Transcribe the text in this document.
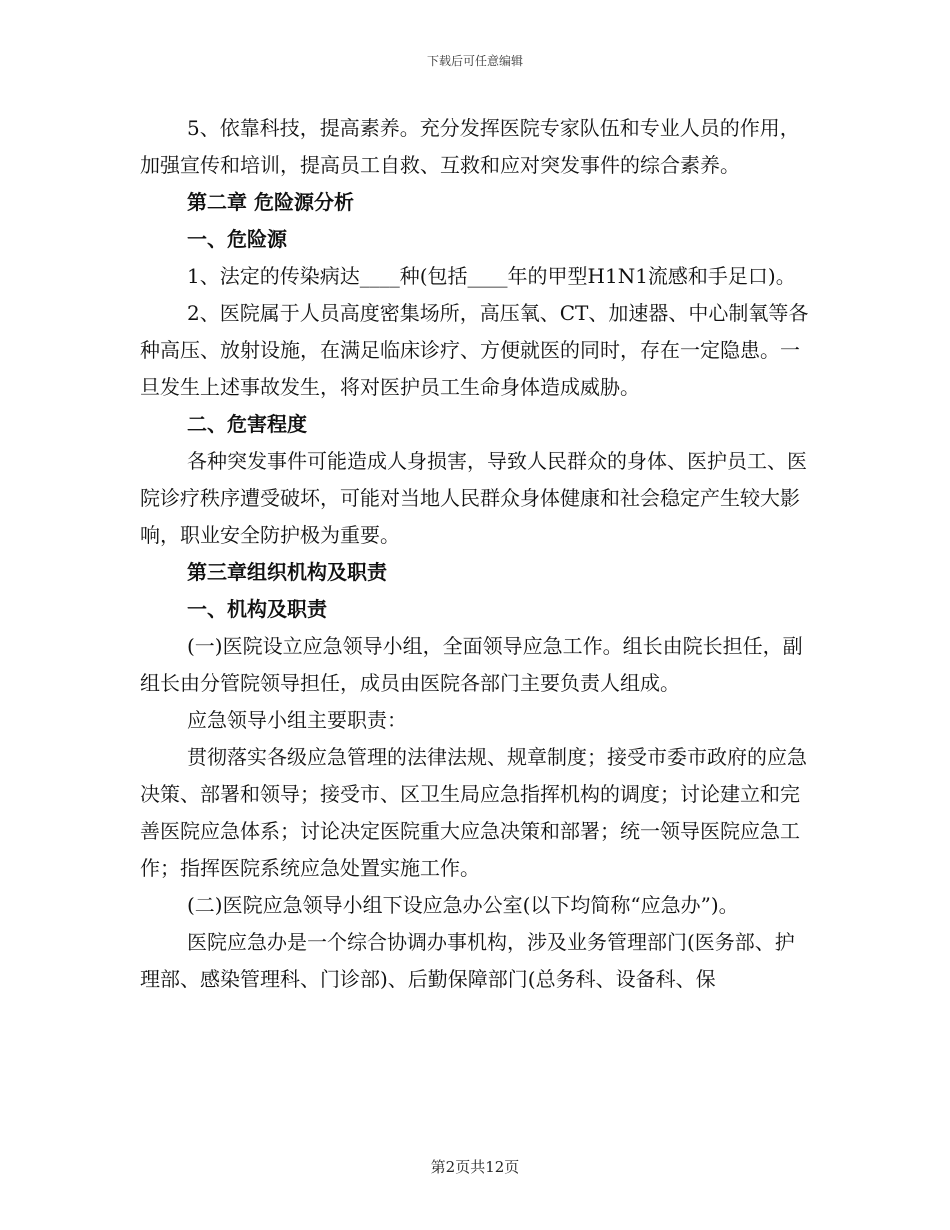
下载后可任意编辑

5、依靠科技，提高素养。充分发挥医院专家队伍和专业人员的作用，加强宣传和培训，提高员工自救、互救和应对突发事件的综合素养。

第二章 危险源分析

一、危险源

1、法定的传染病达____种(包括____年的甲型H1N1流感和手足口)。

2、医院属于人员高度密集场所，高压氧、CT、加速器、中心制氧等各种高压、放射设施，在满足临床诊疗、方便就医的同时，存在一定隐患。一旦发生上述事故发生，将对医护员工生命身体造成威胁。

二、危害程度

各种突发事件可能造成人身损害，导致人民群众的身体、医护员工、医院诊疗秩序遭受破坏，可能对当地人民群众身体健康和社会稳定产生较大影响，职业安全防护极为重要。

第三章组织机构及职责

一、机构及职责

(一)医院设立应急领导小组，全面领导应急工作。组长由院长担任，副组长由分管院领导担任，成员由医院各部门主要负责人组成。

应急领导小组主要职责：

贯彻落实各级应急管理的法律法规、规章制度；接受市委市政府的应急决策、部署和领导；接受市、区卫生局应急指挥机构的调度；讨论建立和完善医院应急体系；讨论决定医院重大应急决策和部署；统一领导医院应急工作；指挥医院系统应急处置实施工作。

(二)医院应急领导小组下设应急办公室(以下均简称“应急办”)。

医院应急办是一个综合协调办事机构，涉及业务管理部门(医务部、护理部、感染管理科、门诊部)、后勤保障部门(总务科、设备科、保

第2页共12页
